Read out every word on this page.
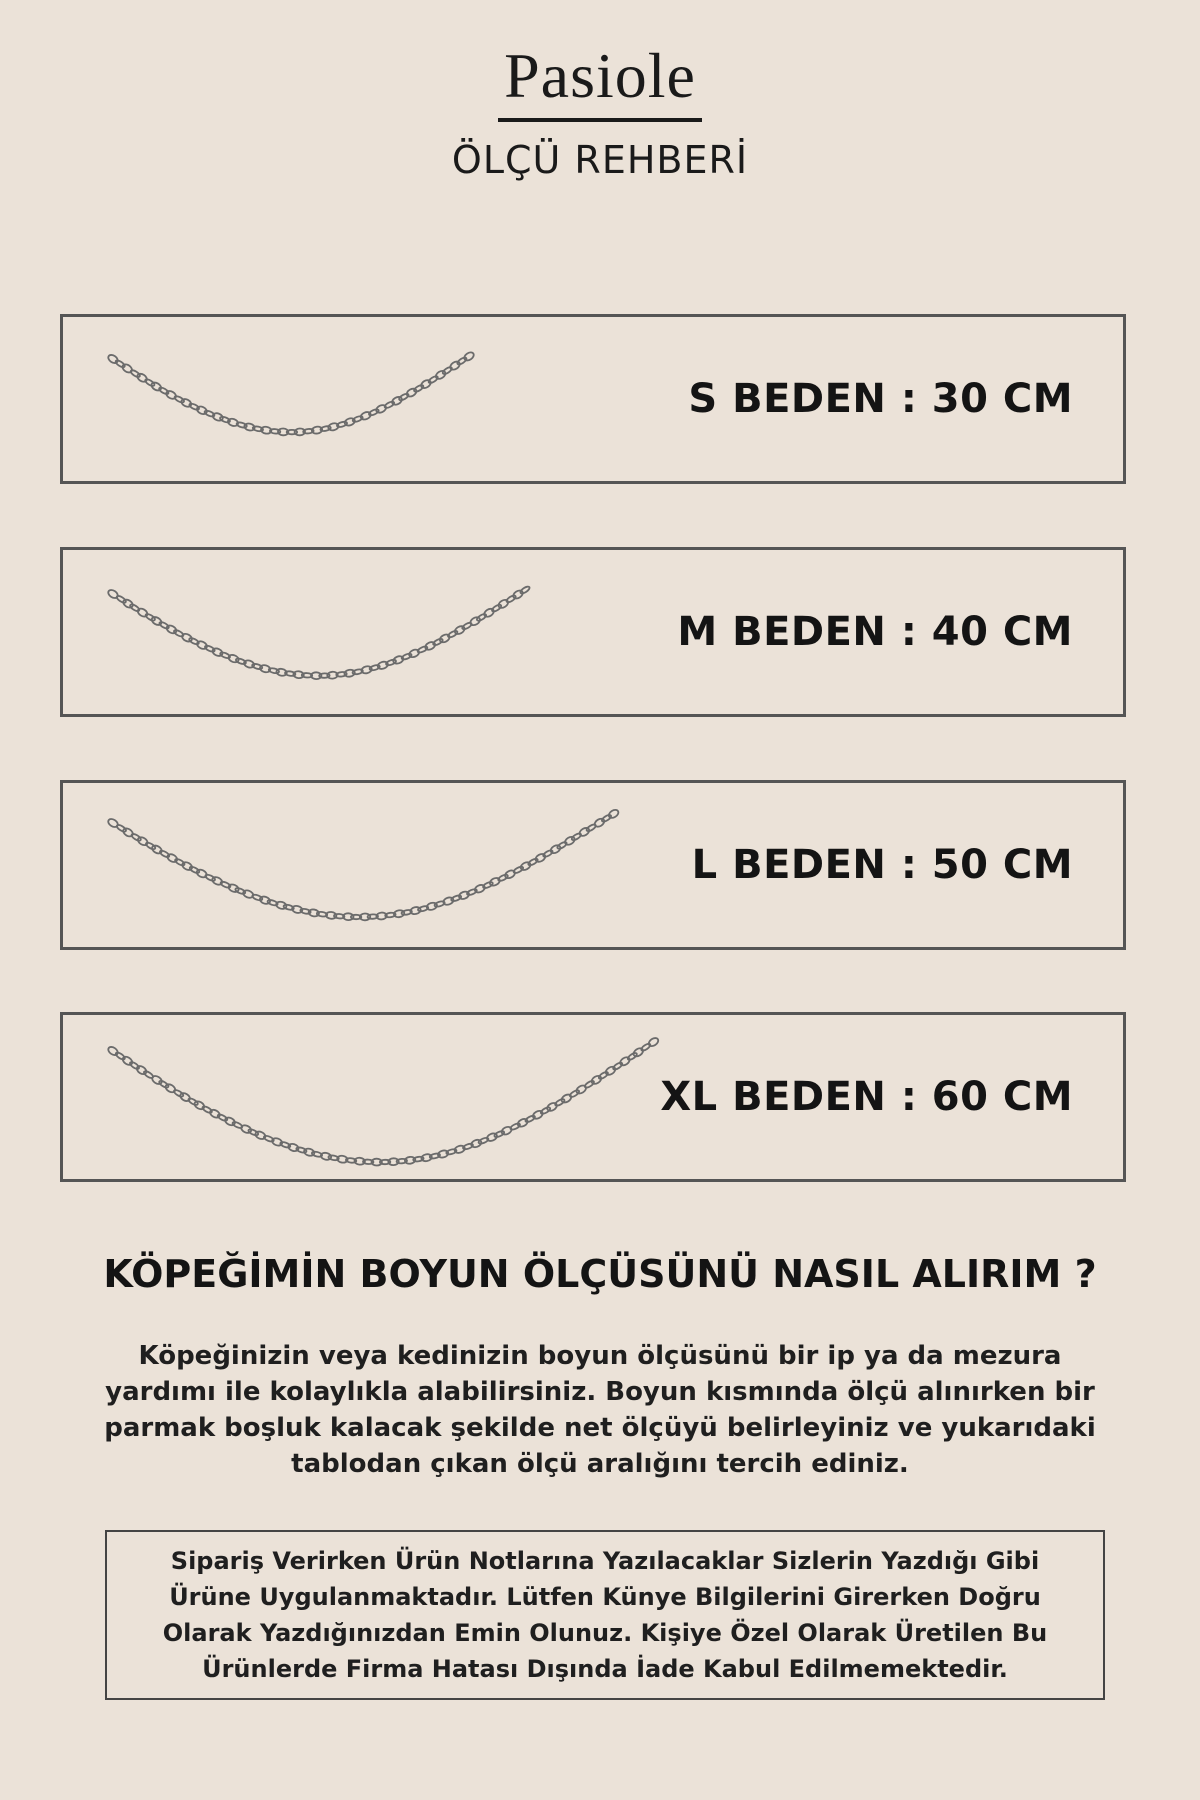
Pasiole
ÖLÇÜ REHBERİ
S BEDEN : 30 CM
M BEDEN : 40 CM
L BEDEN : 50 CM
XL BEDEN : 60 CM
KÖPEĞİMİN BOYUN ÖLÇÜSÜNÜ NASIL ALIRIM ?
Köpeğinizin veya kedinizin boyun ölçüsünü bir ip ya da mezura yardımı ile kolaylıkla alabilirsiniz. Boyun kısmında ölçü alınırken bir parmak boşluk kalacak şekilde net ölçüyü belirleyiniz ve yukarıdaki tablodan çıkan ölçü aralığını tercih ediniz.
Sipariş Verirken Ürün Notlarına Yazılacaklar Sizlerin Yazdığı Gibi Ürüne Uygulanmaktadır. Lütfen Künye Bilgilerini Girerken Doğru Olarak Yazdığınızdan Emin Olunuz. Kişiye Özel Olarak Üretilen Bu Ürünlerde Firma Hatası Dışında İade Kabul Edilmemektedir.
